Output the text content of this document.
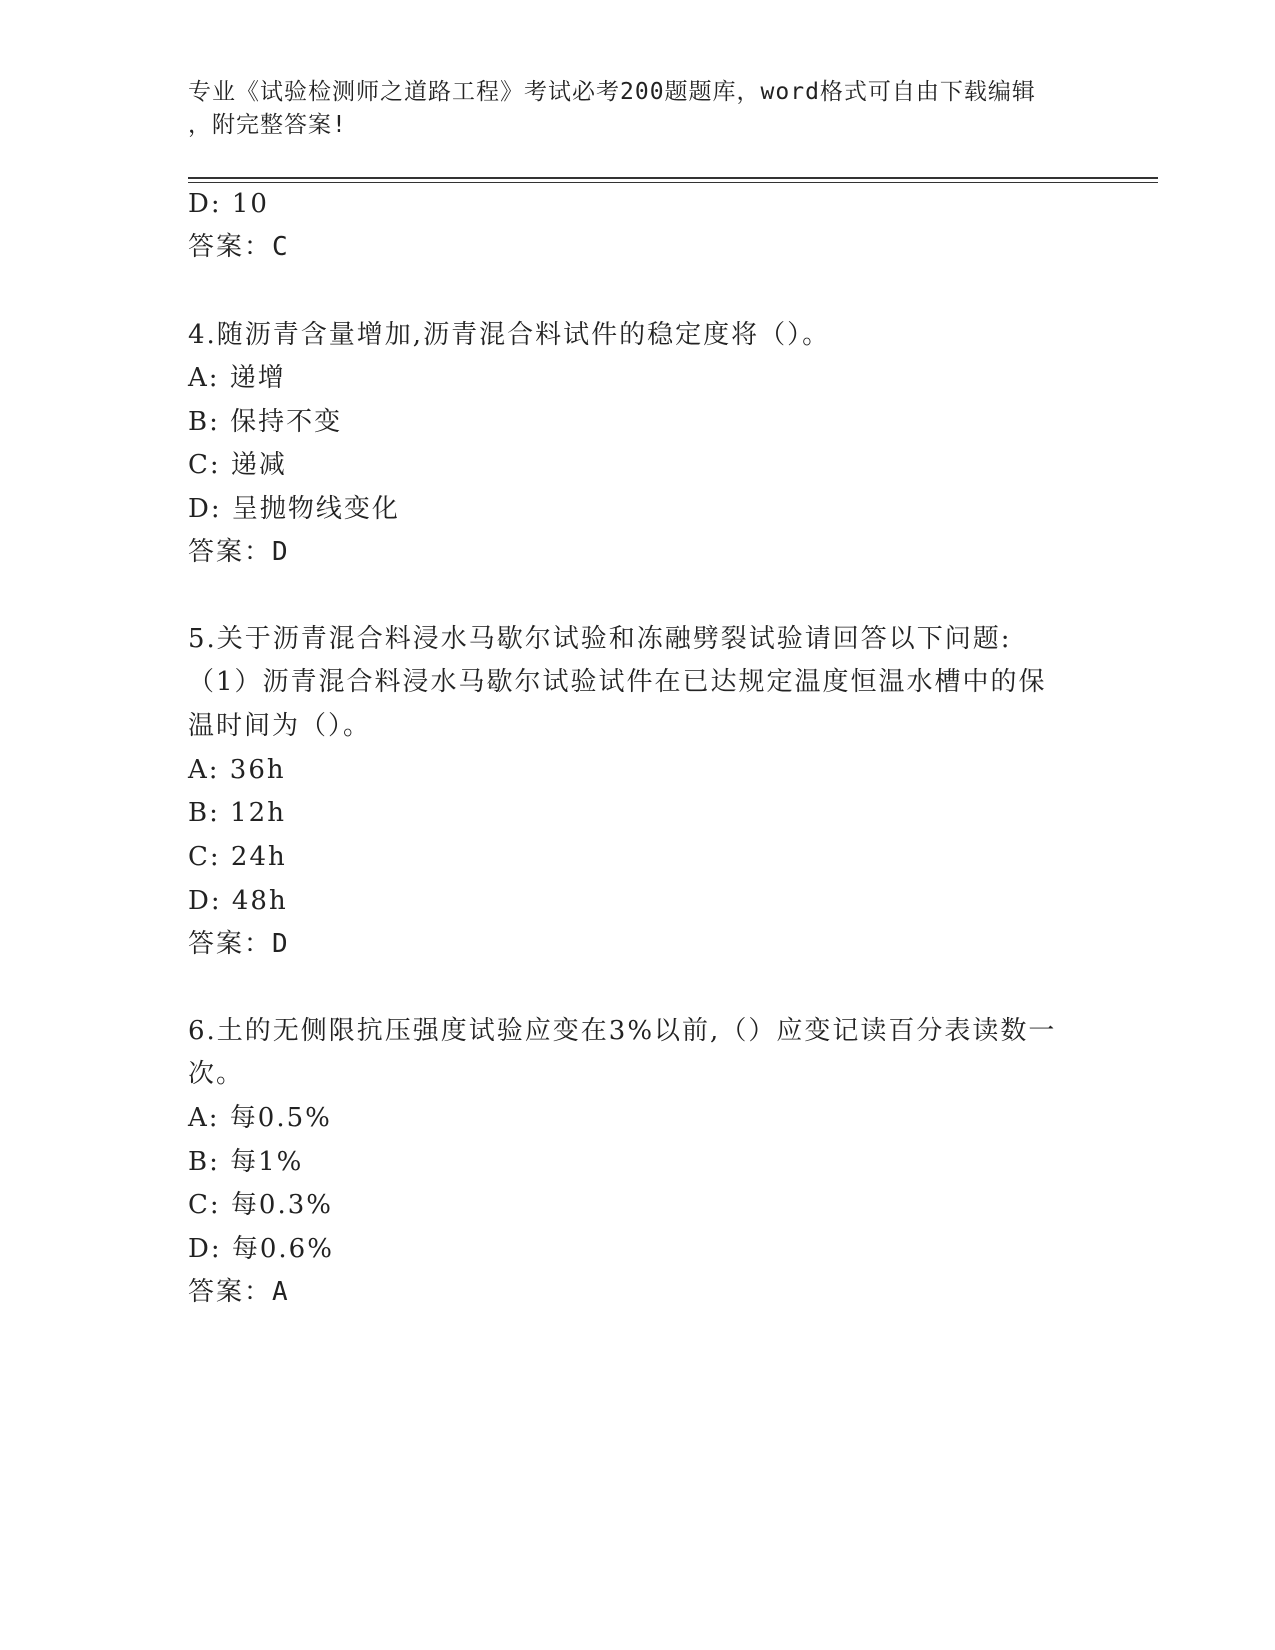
专业《试验检测师之道路工程》考试必考200题题库，word格式可自由下载编辑
，附完整答案!
D: 10
答案：C
4.随沥青含量增加,沥青混合料试件的稳定度将（）。
A: 递增
B: 保持不变
C: 递减
D: 呈抛物线变化
答案：D
5.关于沥青混合料浸水马歇尔试验和冻融劈裂试验请回答以下问题:
（1）沥青混合料浸水马歇尔试验试件在已达规定温度恒温水槽中的保
温时间为（）。
A: 36h
B: 12h
C: 24h
D: 48h
答案：D
6.土的无侧限抗压强度试验应变在3%以前,（）应变记读百分表读数一
次。
A: 每0.5%
B: 每1%
C: 每0.3%
D: 每0.6%
答案：A
